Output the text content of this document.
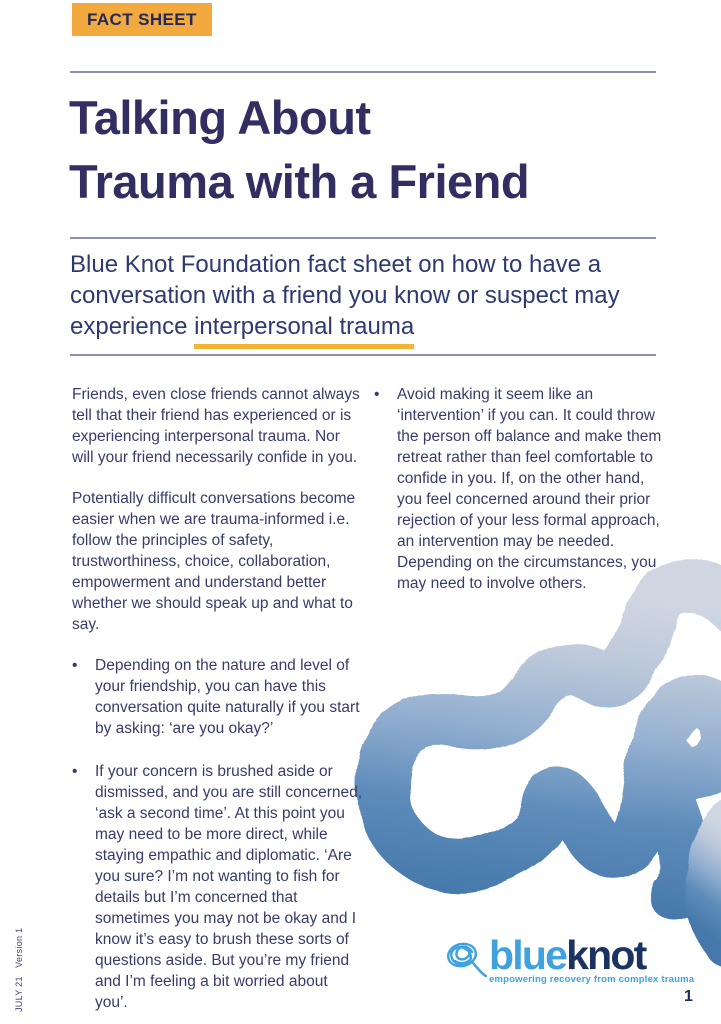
FACT SHEET
Talking About
Trauma with a Friend
Blue Knot Foundation fact sheet on how to have a
conversation with a friend you know or suspect may
experience interpersonal trauma

Friends, even close friends cannot always tell that their friend has experienced or is experiencing interpersonal trauma. Nor will your friend necessarily confide in you.

Potentially difficult conversations become easier when we are trauma-informed i.e. follow the principles of safety, trustworthiness, choice, collaboration, empowerment and understand better whether we should speak up and what to say.

•	Depending on the nature and level of your friendship, you can have this conversation quite naturally if you start by asking: ‘are you okay?’
•	If your concern is brushed aside or dismissed, and you are still concerned, ‘ask a second time’. At this point you may need to be more direct, while staying empathic and diplomatic. ‘Are you sure? I’m not wanting to fish for details but I’m concerned that sometimes you may not be okay and I know it’s easy to brush these sorts of questions aside. But you’re my friend and I’m feeling a bit worried about you’.
•	Avoid making it seem like an ‘intervention’ if you can. It could throw the person off balance and make them retreat rather than feel comfortable to confide in you. If, on the other hand, you feel concerned around their prior rejection of your less formal approach, an intervention may be needed. Depending on the circumstances, you may need to involve others.
blueknot
empowering recovery from complex trauma
1
JULY 21   Version 1
